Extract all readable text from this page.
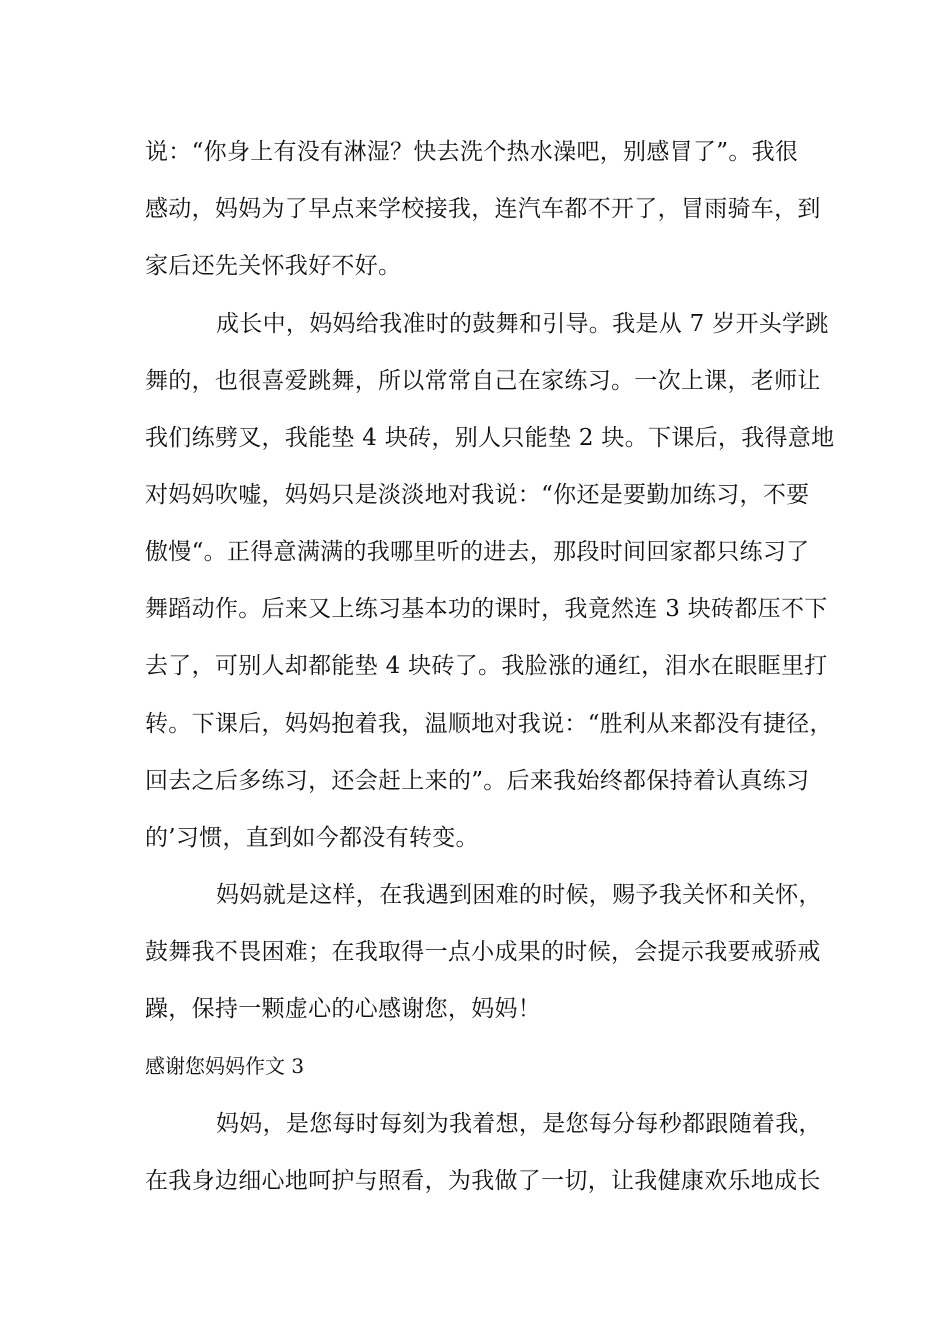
说：“你身上有没有淋湿？快去洗个热水澡吧，别感冒了”。我很
感动，妈妈为了早点来学校接我，连汽车都不开了，冒雨骑车，到
家后还先关怀我好不好。
成长中，妈妈给我准时的鼓舞和引导。我是从 7 岁开头学跳
舞的，也很喜爱跳舞，所以常常自己在家练习。一次上课，老师让
我们练劈叉，我能垫 4 块砖，别人只能垫 2 块。下课后，我得意地
对妈妈吹嘘，妈妈只是淡淡地对我说：“你还是要勤加练习，不要
傲慢“。正得意满满的我哪里听的进去，那段时间回家都只练习了
舞蹈动作。后来又上练习基本功的课时，我竟然连 3 块砖都压不下
去了，可别人却都能垫 4 块砖了。我脸涨的通红，泪水在眼眶里打
转。下课后，妈妈抱着我，温顺地对我说：“胜利从来都没有捷径，
回去之后多练习，还会赶上来的”。后来我始终都保持着认真练习
的’习惯，直到如今都没有转变。
妈妈就是这样，在我遇到困难的时候，赐予我关怀和关怀，
鼓舞我不畏困难；在我取得一点小成果的时候，会提示我要戒骄戒
躁，保持一颗虚心的心感谢您，妈妈！
感谢您妈妈作文 3
妈妈，是您每时每刻为我着想，是您每分每秒都跟随着我，
在我身边细心地呵护与照看，为我做了一切，让我健康欢乐地成长
